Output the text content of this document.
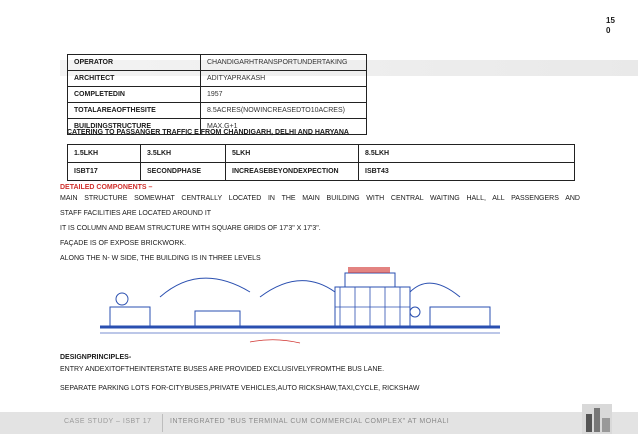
15
0
OPERATOR	CHANDIGARHTRANSPORTUNDERTAKING
ARCHITECT	ADITYAPRAKASH
COMPLETEDIN	1957
TOTALAREAOFTHESITE	8.5ACRES(NOWINCREASEDTO10ACRES)
BUILDINGSTRUCTURE	MAX.G+1
CATERING TO PASSANGER TRAFFIC E FROM CHANDIGARH, DELHI AND HARYANA
1.5LKH	3.5LKH	5LKH	8.5LKH
ISBT17	SECONDPHASE	INCREASEBEYONDEXPECTION	ISBT43
DETAILED COMPONENTS –
MAIN STRUCTURE SOMEWHAT CENTRALLY LOCATED IN THE MAIN BUILDING WITH CENTRAL WAITING HALL, ALL PASSENGERS AND
STAFF FACILITIES ARE LOCATED AROUND IT
IT IS COLUMN AND BEAM STRUCTURE WITH SQUARE GRIDS OF 17'3" X 17'3".
FAÇADE IS OF EXPOSE BRICKWORK.
ALONG THE N- W SIDE, THE BUILDING IS IN THREE LEVELS
DESIGNPRINCIPLES-
ENTRY ANDEXITOFTHEINTERSTATE BUSES ARE PROVIDED EXCLUSIVELYFROMTHE BUS LANE.
SEPARATE PARKING LOTS FOR-CITYBUSES,PRIVATE VEHICLES,AUTO RICKSHAW,TAXI,CYCLE, RICKSHAW
CASE STUDY – ISBT 17	INTERGRATED "BUS TERMINAL CUM COMMERCIAL COMPLEX" AT MOHALI
